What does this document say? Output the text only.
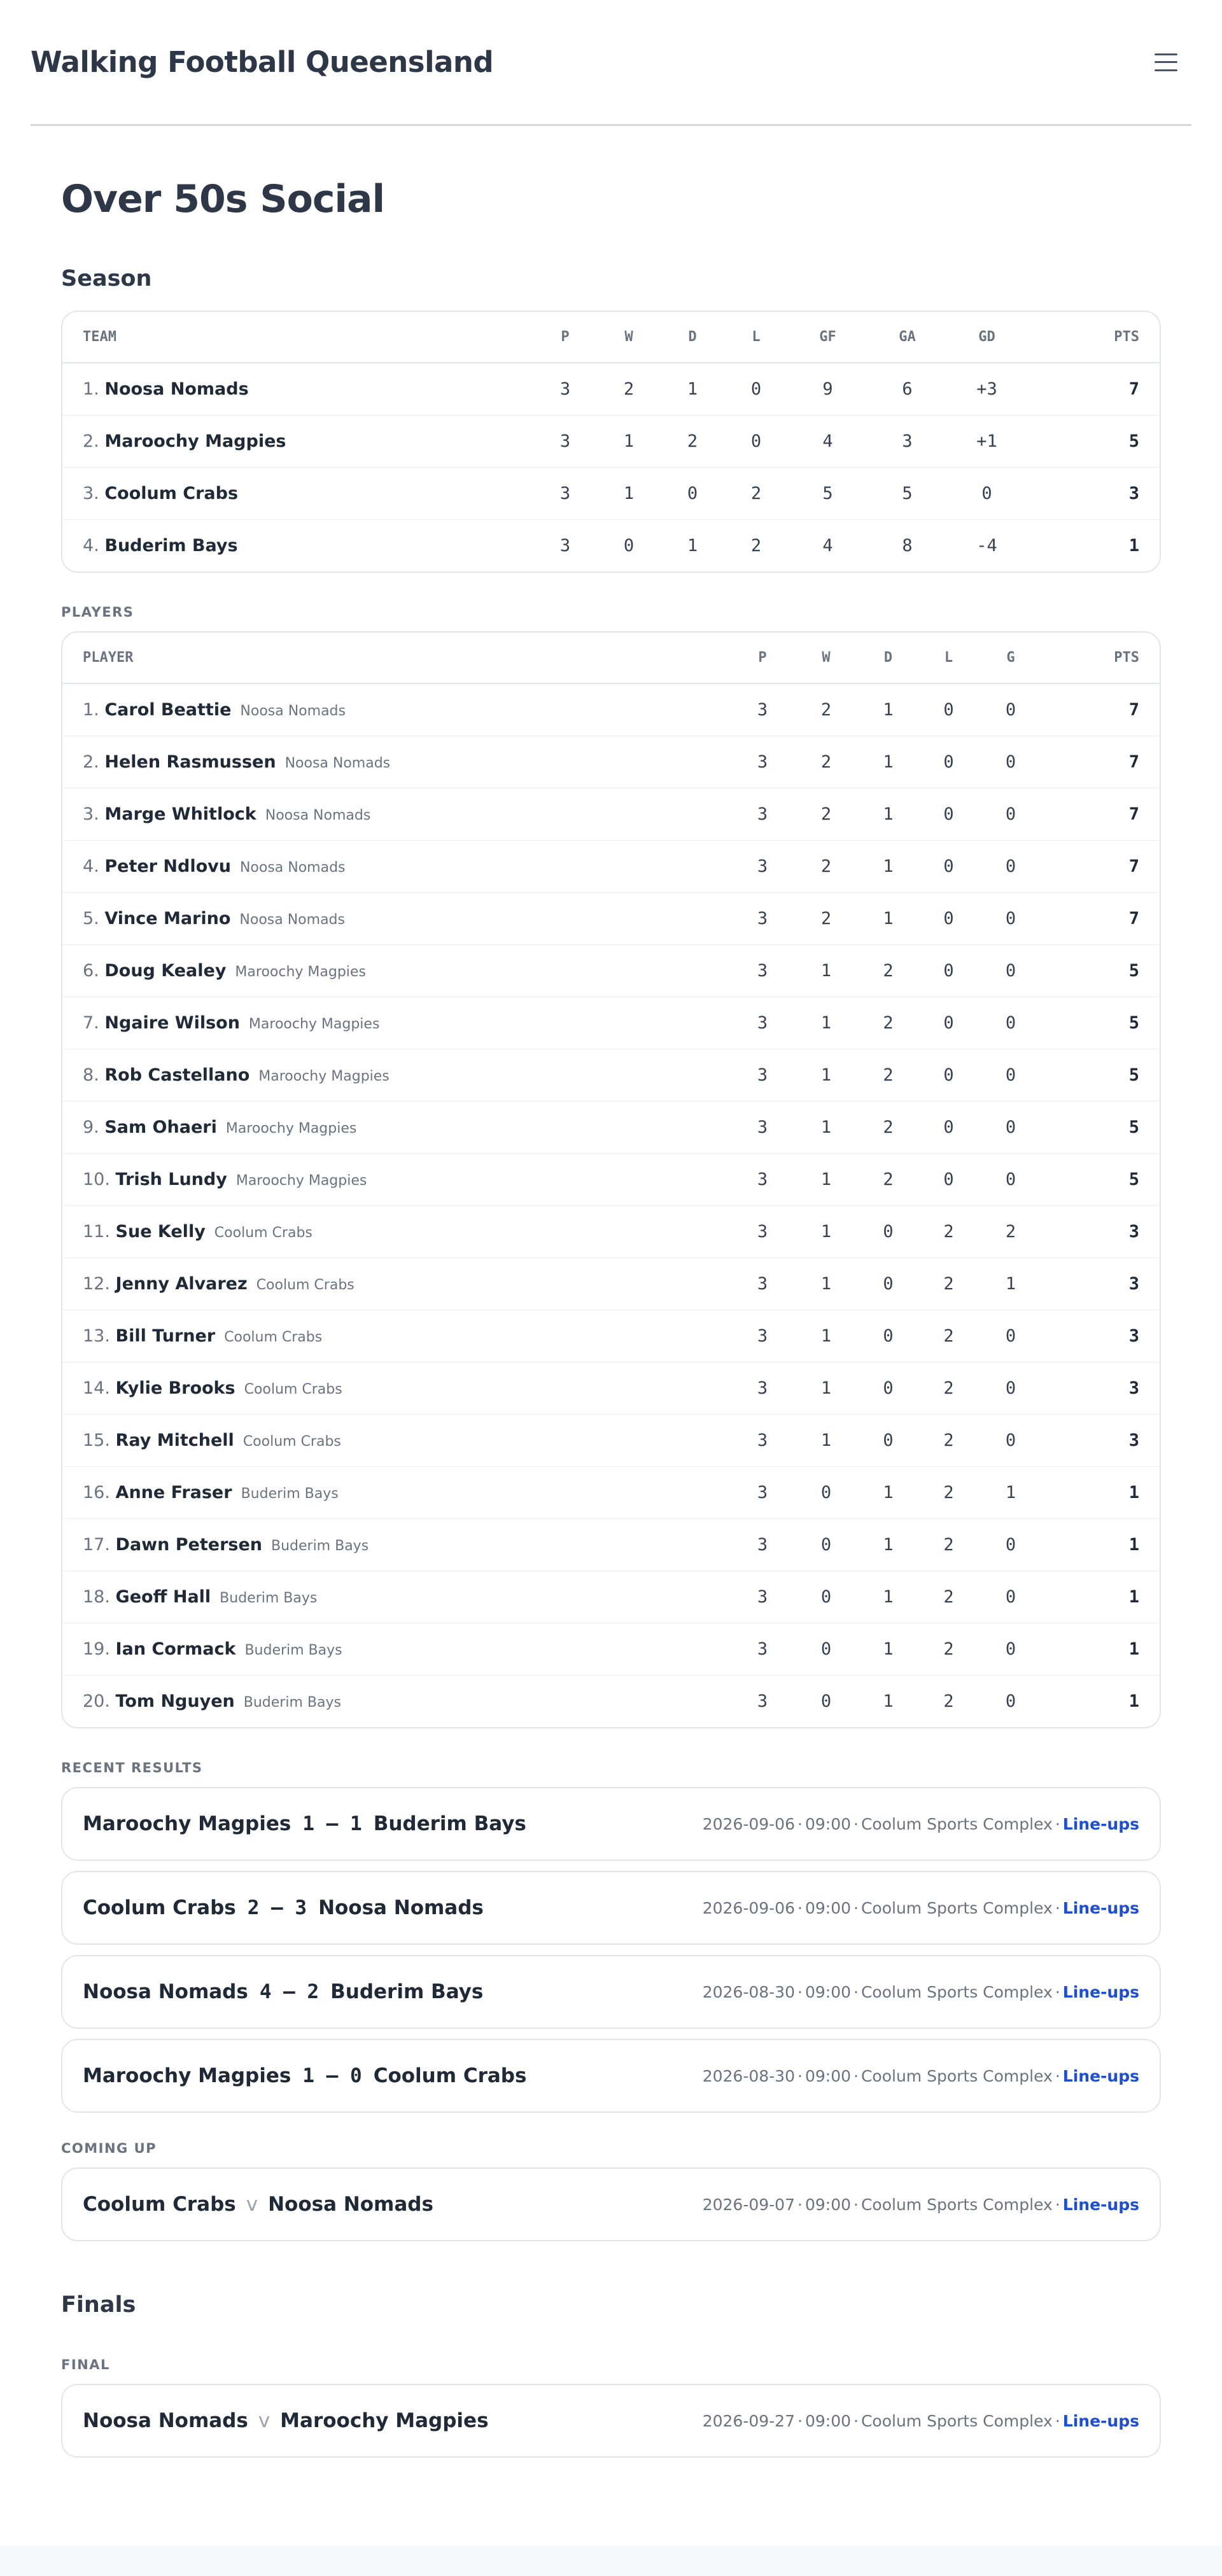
Walking Football Queensland
Over 50s Social
Season
TEAM	P	W	D	L	GF	GA	GD	PTS
1. Noosa Nomads	3	2	1	0	9	6	+3	7
2. Maroochy Magpies	3	1	2	0	4	3	+1	5
3. Coolum Crabs	3	1	0	2	5	5	0	3
4. Buderim Bays	3	0	1	2	4	8	-4	1
PLAYERS
PLAYER	P	W	D	L	G	PTS
1. Carol Beattie Noosa Nomads	3	2	1	0	0	7
2. Helen Rasmussen Noosa Nomads	3	2	1	0	0	7
3. Marge Whitlock Noosa Nomads	3	2	1	0	0	7
4. Peter Ndlovu Noosa Nomads	3	2	1	0	0	7
5. Vince Marino Noosa Nomads	3	2	1	0	0	7
6. Doug Kealey Maroochy Magpies	3	1	2	0	0	5
7. Ngaire Wilson Maroochy Magpies	3	1	2	0	0	5
8. Rob Castellano Maroochy Magpies	3	1	2	0	0	5
9. Sam Ohaeri Maroochy Magpies	3	1	2	0	0	5
10. Trish Lundy Maroochy Magpies	3	1	2	0	0	5
11. Sue Kelly Coolum Crabs	3	1	0	2	2	3
12. Jenny Alvarez Coolum Crabs	3	1	0	2	1	3
13. Bill Turner Coolum Crabs	3	1	0	2	0	3
14. Kylie Brooks Coolum Crabs	3	1	0	2	0	3
15. Ray Mitchell Coolum Crabs	3	1	0	2	0	3
16. Anne Fraser Buderim Bays	3	0	1	2	1	1
17. Dawn Petersen Buderim Bays	3	0	1	2	0	1
18. Geoff Hall Buderim Bays	3	0	1	2	0	1
19. Ian Cormack Buderim Bays	3	0	1	2	0	1
20. Tom Nguyen Buderim Bays	3	0	1	2	0	1
RECENT RESULTS
Maroochy Magpies 1 – 1 Buderim Bays	2026-09-06 · 09:00 · Coolum Sports Complex · Line-ups
Coolum Crabs 2 – 3 Noosa Nomads	2026-09-06 · 09:00 · Coolum Sports Complex · Line-ups
Noosa Nomads 4 – 2 Buderim Bays	2026-08-30 · 09:00 · Coolum Sports Complex · Line-ups
Maroochy Magpies 1 – 0 Coolum Crabs	2026-08-30 · 09:00 · Coolum Sports Complex · Line-ups
COMING UP
Coolum Crabs v Noosa Nomads	2026-09-07 · 09:00 · Coolum Sports Complex · Line-ups
Finals
FINAL
Noosa Nomads v Maroochy Magpies	2026-09-27 · 09:00 · Coolum Sports Complex · Line-ups
